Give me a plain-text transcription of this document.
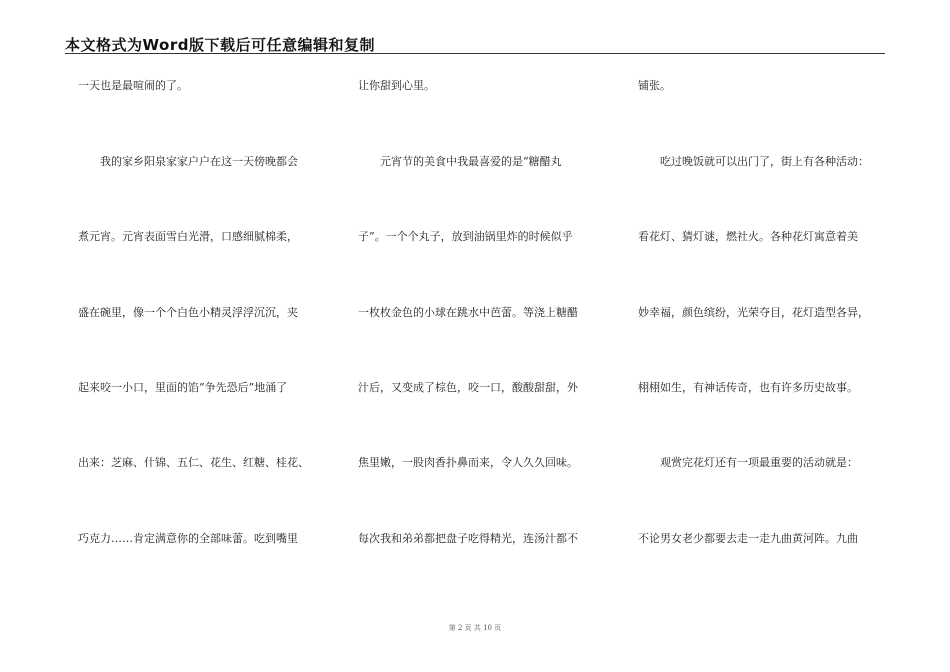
本文格式为Word版下载后可任意编辑和复制
一天也是最喧闹的了。
我的家乡阳泉家家户户在这一天傍晚都会
煮元宵。元宵表面雪白光滑，口感细腻棉柔，
盛在碗里，像一个个白色小精灵浮浮沉沉，夹
起来咬一小口，里面的馅“争先恐后”地涌了
出来：芝麻、什锦、五仁、花生、红糖、桂花、
巧克力……肯定满意你的全部味蕾。吃到嘴里
让你甜到心里。
元宵节的美食中我最喜爱的是“糖醋丸
子”。一个个丸子，放到油锅里炸的时候似乎
一枚枚金色的小球在跳水中芭蕾。等浇上糖醋
汁后，又变成了棕色，咬一口，酸酸甜甜，外
焦里嫩，一股肉香扑鼻而来，令人久久回味。
每次我和弟弟都把盘子吃得精光，连汤汁都不
铺张。
吃过晚饭就可以出门了，街上有各种活动：
看花灯、猜灯谜，燃社火。各种花灯寓意着美
妙幸福，颜色缤纷，光荣夺目，花灯造型各异，
栩栩如生，有神话传奇，也有许多历史故事。
观赏完花灯还有一项最重要的活动就是：
不论男女老少都要去走一走九曲黄河阵。九曲
第 2 页 共 10 页
